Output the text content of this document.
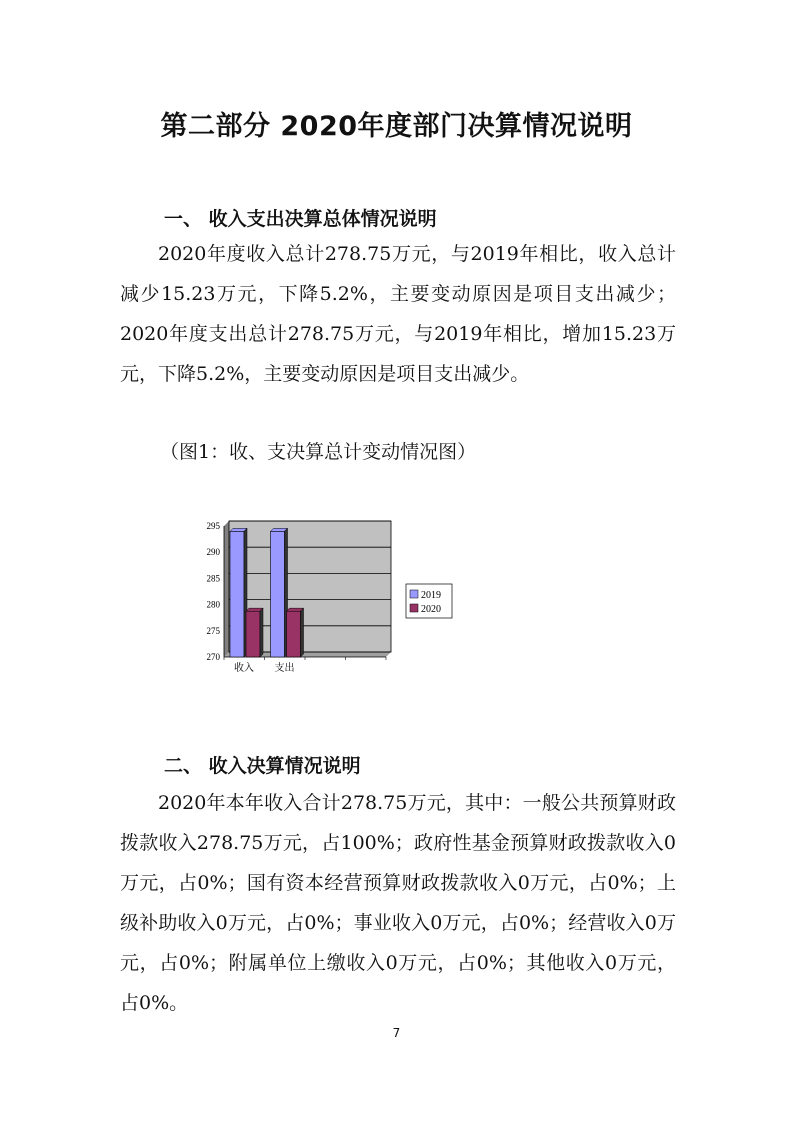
第二部分 2020年度部门决算情况说明
一、 收入支出决算总体情况说明

2020年度收入总计278.75万元，与2019年相比，收入总计减少15.23万元，下降5.2%，主要变动原因是项目支出减少；2020年度支出总计278.75万元，与2019年相比，增加15.23万元，下降5.2%，主要变动原因是项目支出减少。

（图1：收、支决算总计变动情况图）
270
275
280
285
290
295
收入 支出
2019
2020
二、 收入决算情况说明

2020年本年收入合计278.75万元，其中：一般公共预算财政拨款收入278.75万元，占100%；政府性基金预算财政拨款收入0万元，占0%；国有资本经营预算财政拨款收入0万元，占0%；上级补助收入0万元，占0%；事业收入0万元，占0%；经营收入0万元，占0%；附属单位上缴收入0万元，占0%；其他收入0万元，占0%。

7
